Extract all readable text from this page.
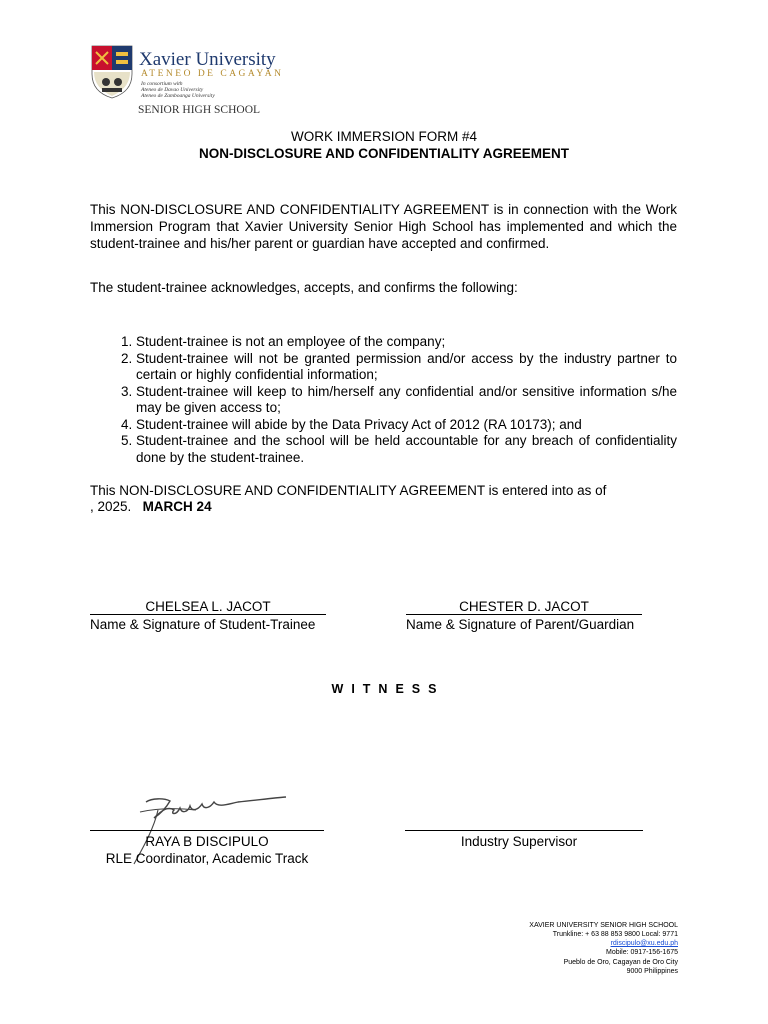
Xavier University
ATENEO DE CAGAYAN
In consortium with
Ateneo de Davao University
Ateneo de Zamboanga University
SENIOR HIGH SCHOOL
WORK IMMERSION FORM #4
NON-DISCLOSURE AND CONFIDENTIALITY AGREEMENT
This NON-DISCLOSURE AND CONFIDENTIALITY AGREEMENT is in connection with the Work Immersion Program that Xavier University Senior High School has implemented and which the student-trainee and his/her parent or guardian have accepted and confirmed.
The student-trainee acknowledges, accepts, and confirms the following:
1. Student-trainee is not an employee of the company;
2. Student-trainee will not be granted permission and/or access by the industry partner to certain or highly confidential information;
3. Student-trainee will keep to him/herself any confidential and/or sensitive information s/he may be given access to;
4. Student-trainee will abide by the Data Privacy Act of 2012 (RA 10173); and
5. Student-trainee and the school will be held accountable for any breach of confidentiality done by the student-trainee.
This NON-DISCLOSURE AND CONFIDENTIALITY AGREEMENT is entered into as of
, 2025. MARCH 24
CHELSEA L. JACOT	CHESTER D. JACOT
Name & Signature of Student-Trainee	Name & Signature of Parent/Guardian
WITNESS
RAYA B DISCIPULO
RLE Coordinator, Academic Track
Industry Supervisor
XAVIER UNIVERSITY SENIOR HIGH SCHOOL
Trunkline: + 63 88 853 9800 Local: 9771
rdiscipulo@xu.edu.ph
Mobile: 0917-156-1675
Pueblo de Oro, Cagayan de Oro City
9000 Philippines
